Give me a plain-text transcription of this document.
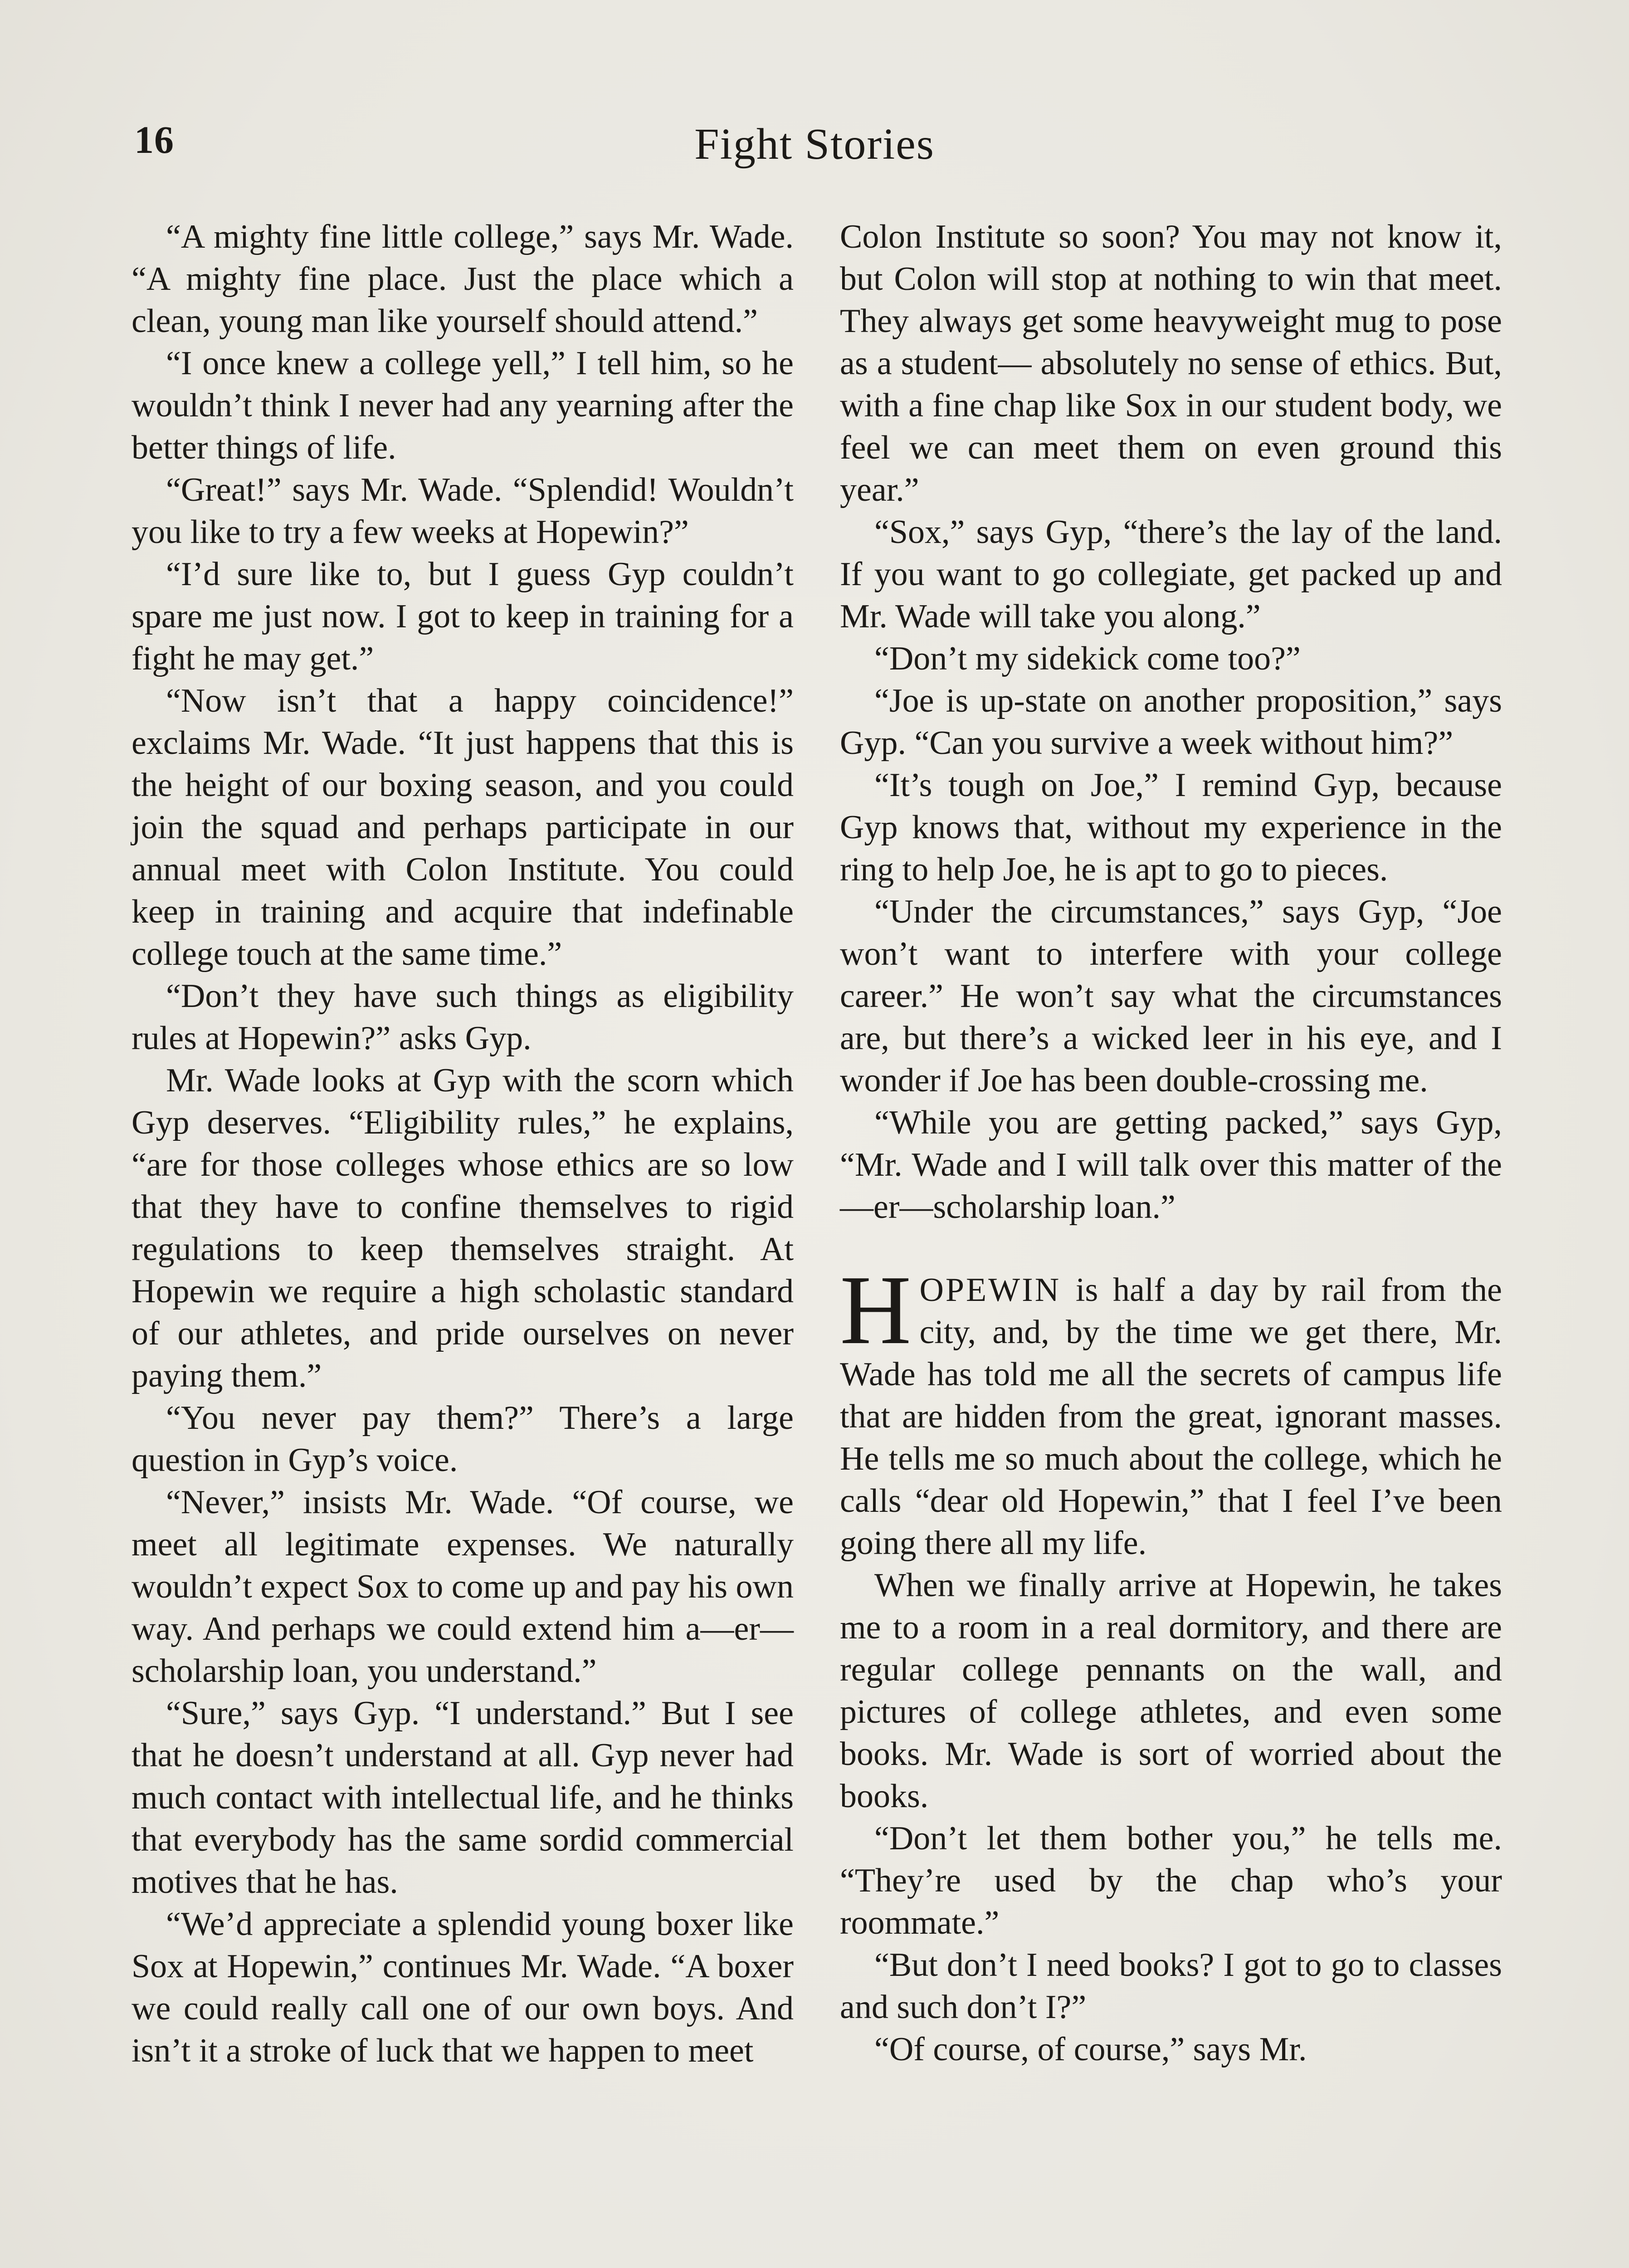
16	Fight Stories

“A mighty fine little college,” says Mr. Wade. “A mighty fine place. Just the place which a clean, young man like yourself should attend.”

“I once knew a college yell,” I tell him, so he wouldn’t think I never had any yearning after the better things of life.

“Great!” says Mr. Wade. “Splendid! Wouldn’t you like to try a few weeks at Hopewin?”

“I’d sure like to, but I guess Gyp couldn’t spare me just now. I got to keep in training for a fight he may get.”

“Now isn’t that a happy coincidence!” exclaims Mr. Wade. “It just happens that this is the height of our boxing season, and you could join the squad and perhaps participate in our annual meet with Colon Institute. You could keep in training and acquire that indefinable college touch at the same time.”

“Don’t they have such things as eligibility rules at Hopewin?” asks Gyp.

Mr. Wade looks at Gyp with the scorn which Gyp deserves. “Eligibility rules,” he explains, “are for those colleges whose ethics are so low that they have to confine themselves to rigid regulations to keep themselves straight. At Hopewin we require a high scholastic standard of our athletes, and pride ourselves on never paying them.”

“You never pay them?” There’s a large question in Gyp’s voice.

“Never,” insists Mr. Wade. “Of course, we meet all legitimate expenses. We naturally wouldn’t expect Sox to come up and pay his own way. And perhaps we could extend him a—er— scholarship loan, you understand.”

“Sure,” says Gyp. “I understand.” But I see that he doesn’t understand at all. Gyp never had much contact with intellectual life, and he thinks that everybody has the same sordid commercial motives that he has.

“We’d appreciate a splendid young boxer like Sox at Hopewin,” continues Mr. Wade. “A boxer we could really call one of our own boys. And isn’t it a stroke of luck that we happen to meet

Colon Institute so soon? You may not know it, but Colon will stop at nothing to win that meet. They always get some heavyweight mug to pose as a student— absolutely no sense of ethics. But, with a fine chap like Sox in our student body, we feel we can meet them on even ground this year.”

“Sox,” says Gyp, “there’s the lay of the land. If you want to go collegiate, get packed up and Mr. Wade will take you along.”

“Don’t my sidekick come too?”

“Joe is up-state on another proposition,” says Gyp. “Can you survive a week without him?”

“It’s tough on Joe,” I remind Gyp, because Gyp knows that, without my experience in the ring to help Joe, he is apt to go to pieces.

“Under the circumstances,” says Gyp, “Joe won’t want to interfere with your college career.” He won’t say what the circumstances are, but there’s a wicked leer in his eye, and I wonder if Joe has been double-crossing me.

“While you are getting packed,” says Gyp, “Mr. Wade and I will talk over this matter of the—er—scholarship loan.”

HOPEWIN is half a day by rail from the city, and, by the time we get there, Mr. Wade has told me all the secrets of campus life that are hidden from the great, ignorant masses. He tells me so much about the college, which he calls “dear old Hopewin,” that I feel I’ve been going there all my life.

When we finally arrive at Hopewin, he takes me to a room in a real dormitory, and there are regular college pennants on the wall, and pictures of college athletes, and even some books. Mr. Wade is sort of worried about the books.

“Don’t let them bother you,” he tells me. “They’re used by the chap who’s your roommate.”

“But don’t I need books? I got to go to classes and such don’t I?”

“Of course, of course,” says Mr.
